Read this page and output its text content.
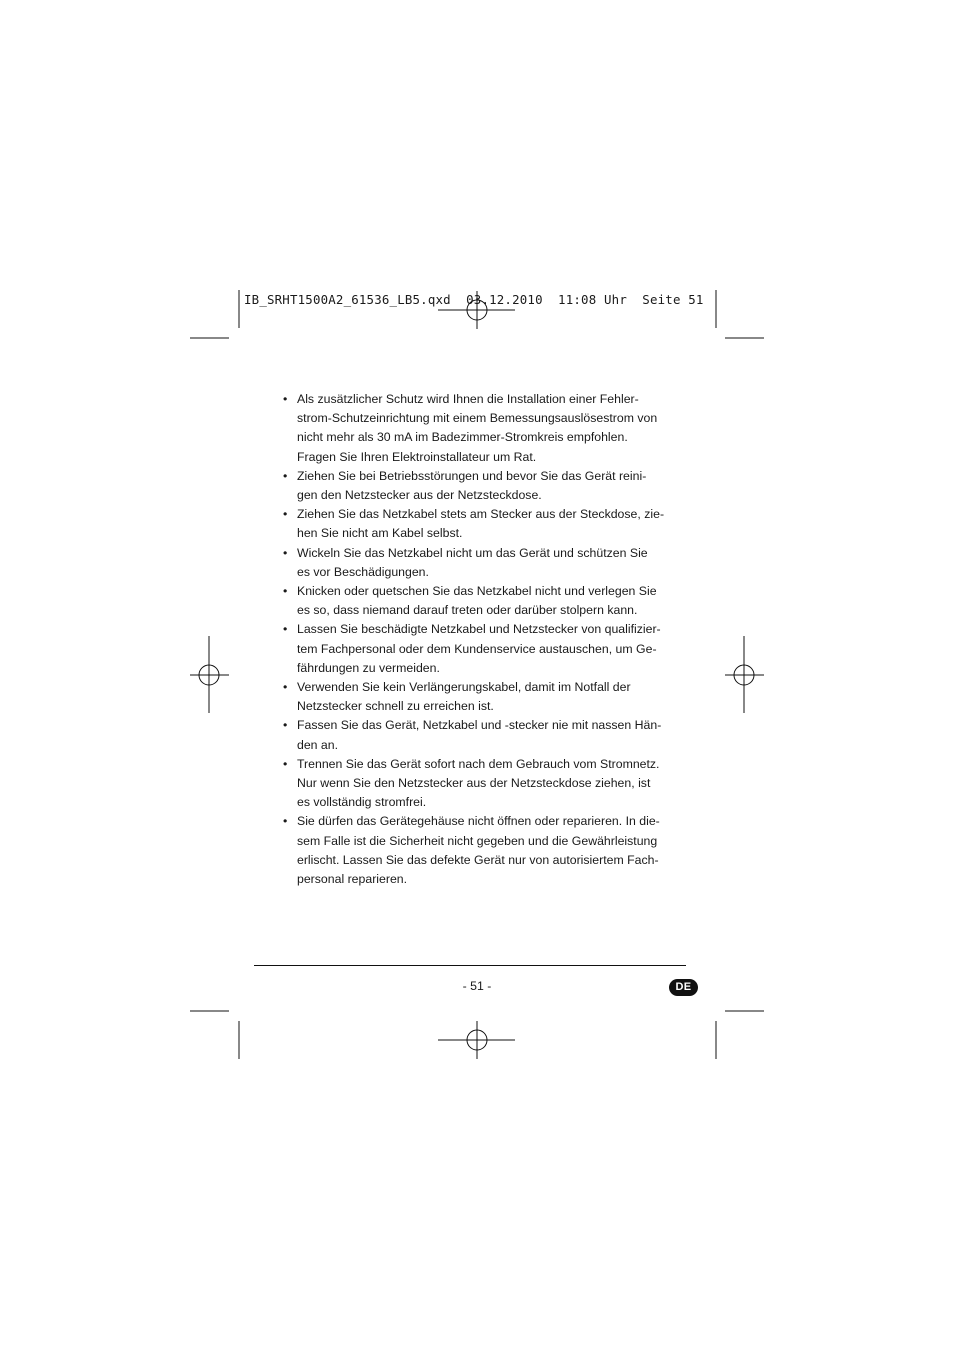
IB_SRHT1500A2_61536_LB5.qxd  03.12.2010  11:08 Uhr  Seite 51
• Als zusätzlicher Schutz wird Ihnen die Installation einer Fehler-
strom-Schutzeinrichtung mit einem Bemessungsauslösestrom von
nicht mehr als 30 mA im Badezimmer-Stromkreis empfohlen.
Fragen Sie Ihren Elektroinstallateur um Rat.
• Ziehen Sie bei Betriebsstörungen und bevor Sie das Gerät reini-
gen den Netzstecker aus der Netzsteckdose.
• Ziehen Sie das Netzkabel stets am Stecker aus der Steckdose, zie-
hen Sie nicht am Kabel selbst.
• Wickeln Sie das Netzkabel nicht um das Gerät und schützen Sie
es vor Beschädigungen.
• Knicken oder quetschen Sie das Netzkabel nicht und verlegen Sie
es so, dass niemand darauf treten oder darüber stolpern kann.
• Lassen Sie beschädigte Netzkabel und Netzstecker von qualifizier-
tem Fachpersonal oder dem Kundenservice austauschen, um Ge-
fährdungen zu vermeiden.
• Verwenden Sie kein Verlängerungskabel, damit im Notfall der
Netzstecker schnell zu erreichen ist.
• Fassen Sie das Gerät, Netzkabel und -stecker nie mit nassen Hän-
den an.
• Trennen Sie das Gerät sofort nach dem Gebrauch vom Stromnetz.
Nur wenn Sie den Netzstecker aus der Netzsteckdose ziehen, ist
es vollständig stromfrei.
• Sie dürfen das Gerätegehäuse nicht öffnen oder reparieren. In die-
sem Falle ist die Sicherheit nicht gegeben und die Gewährleistung
erlischt. Lassen Sie das defekte Gerät nur von autorisiertem Fach-
personal reparieren.
- 51 -	DE
